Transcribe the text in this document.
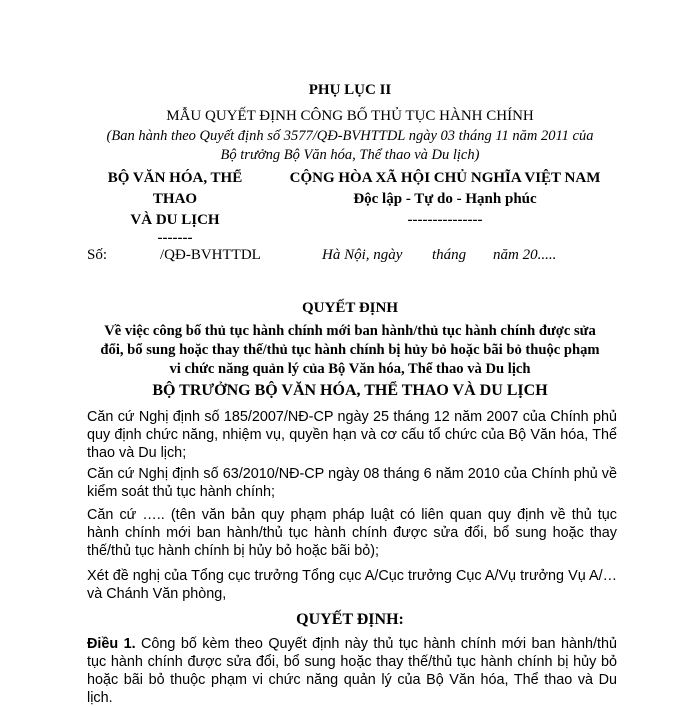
PHỤ LỤC II
MẪU QUYẾT ĐỊNH CÔNG BỐ THỦ TỤC HÀNH CHÍNH
(Ban hành theo Quyết định số 3577/QĐ-BVHTTDL ngày 03 tháng 11 năm 2011 của
Bộ trưởng Bộ Văn hóa, Thể thao và Du lịch)
BỘ VĂN HÓA, THỂ
THAO
VÀ DU LỊCH
-------
CỘNG HÒA XÃ HỘI CHỦ NGHĨA VIỆT NAM
Độc lập - Tự do - Hạnh phúc
---------------
Số:	/QĐ-BVHTTDL	Hà Nội, ngày tháng năm 20.....
QUYẾT ĐỊNH
Về việc công bố thủ tục hành chính mới ban hành/thủ tục hành chính được sửa
đổi, bổ sung hoặc thay thế/thủ tục hành chính bị hủy bỏ hoặc bãi bỏ thuộc phạm
vi chức năng quản lý của Bộ Văn hóa, Thể thao và Du lịch
BỘ TRƯỞNG BỘ VĂN HÓA, THỂ THAO VÀ DU LỊCH
Căn cứ Nghị định số 185/2007/NĐ-CP ngày 25 tháng 12 năm 2007 của Chính phủ quy định chức năng, nhiệm vụ, quyền hạn và cơ cấu tổ chức của Bộ Văn hóa, Thể thao và Du lịch;
Căn cứ Nghị định số 63/2010/NĐ-CP ngày 08 tháng 6 năm 2010 của Chính phủ về kiểm soát thủ tục hành chính;
Căn cứ ….. (tên văn bản quy phạm pháp luật có liên quan quy định về thủ tục hành chính mới ban hành/thủ tục hành chính được sửa đổi, bổ sung hoặc thay thế/thủ tục hành chính bị hủy bỏ hoặc bãi bỏ);
Xét đề nghị của Tổng cục trưởng Tổng cục A/Cục trưởng Cục A/Vụ trưởng Vụ A/… và Chánh Văn phòng,
QUYẾT ĐỊNH:
Điều 1. Công bố kèm theo Quyết định này thủ tục hành chính mới ban hành/thủ tục hành chính được sửa đổi, bổ sung hoặc thay thế/thủ tục hành chính bị hủy bỏ hoặc bãi bỏ thuộc phạm vi chức năng quản lý của Bộ Văn hóa, Thể thao và Du lịch.
